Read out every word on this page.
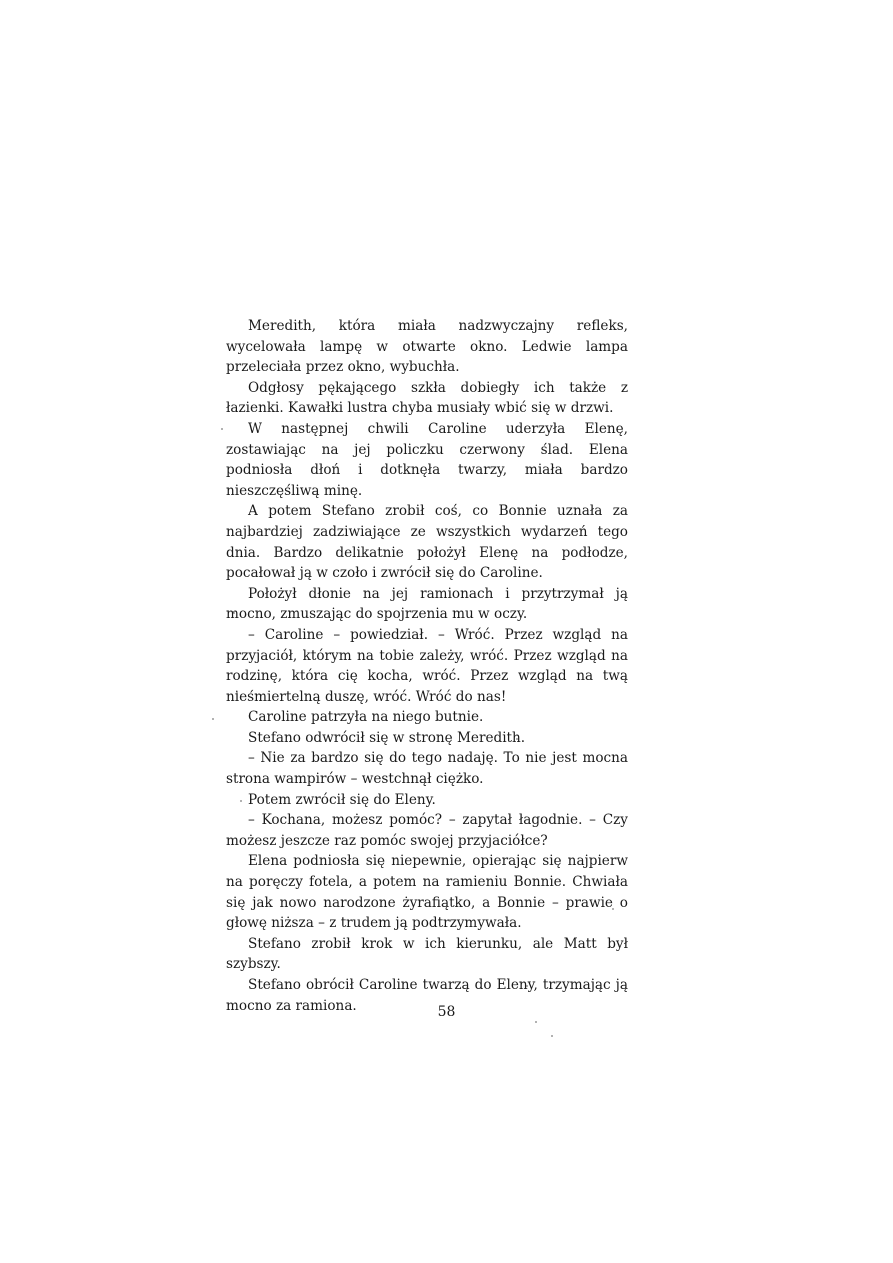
Meredith, która miała nadzwyczajny refleks, wycelowała lampę w otwarte okno. Ledwie lampa przeleciała przez okno, wybuchła.

Odgłosy pękającego szkła dobiegły ich także z łazienki. Kawałki lustra chyba musiały wbić się w drzwi.

W następnej chwili Caroline uderzyła Elenę, zostawiając na jej policzku czerwony ślad. Elena podniosła dłoń i dotknęła twarzy, miała bardzo nieszczęśliwą minę.

A potem Stefano zrobił coś, co Bonnie uznała za najbardziej zadziwiające ze wszystkich wydarzeń tego dnia. Bardzo delikatnie położył Elenę na podłodze, pocałował ją w czoło i zwrócił się do Caroline.

Położył dłonie na jej ramionach i przytrzymał ją mocno, zmuszając do spojrzenia mu w oczy.

– Caroline – powiedział. – Wróć. Przez wzgląd na przyjaciół, którym na tobie zależy, wróć. Przez wzgląd na rodzinę, która cię kocha, wróć. Przez wzgląd na twą nieśmiertelną duszę, wróć. Wróć do nas!

Caroline patrzyła na niego butnie.

Stefano odwrócił się w stronę Meredith.

– Nie za bardzo się do tego nadaję. To nie jest mocna strona wampirów – westchnął ciężko.

Potem zwrócił się do Eleny.

– Kochana, możesz pomóc? – zapytał łagodnie. – Czy możesz jeszcze raz pomóc swojej przyjaciółce?

Elena podniosła się niepewnie, opierając się najpierw na poręczy fotela, a potem na ramieniu Bonnie. Chwiała się jak nowo narodzone żyrafiątko, a Bonnie – prawie o głowę niższa – z trudem ją podtrzymywała.

Stefano zrobił krok w ich kierunku, ale Matt był szybszy.

Stefano obrócił Caroline twarzą do Eleny, trzymając ją mocno za ramiona.	58
